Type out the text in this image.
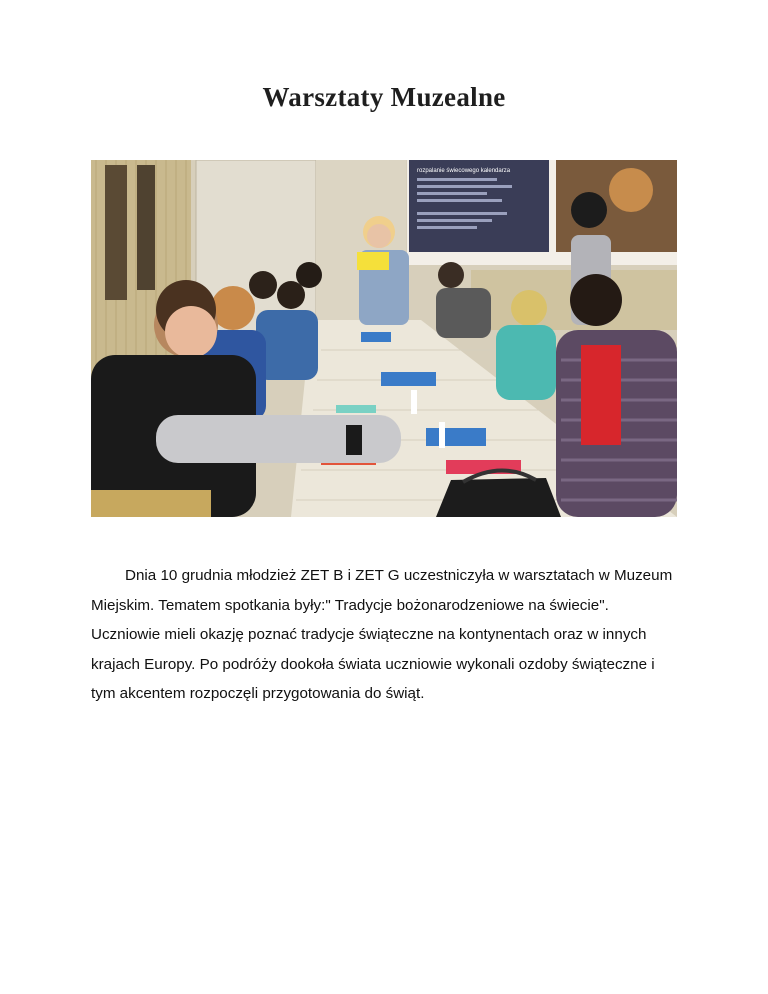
Warsztaty Muzealne
rozpalanie świecowego kalendarza

Dnia 10 grudnia młodzież ZET B i ZET G uczestniczyła w warsztatach w Muzeum Miejskim. Tematem spotkania były:" Tradycje bożonarodzeniowe na świecie". Uczniowie mieli okazję poznać tradycje świąteczne na kontynentach oraz w innych krajach Europy. Po podróży dookoła świata uczniowie wykonali ozdoby świąteczne i tym akcentem rozpoczęli przygotowania do świąt.
